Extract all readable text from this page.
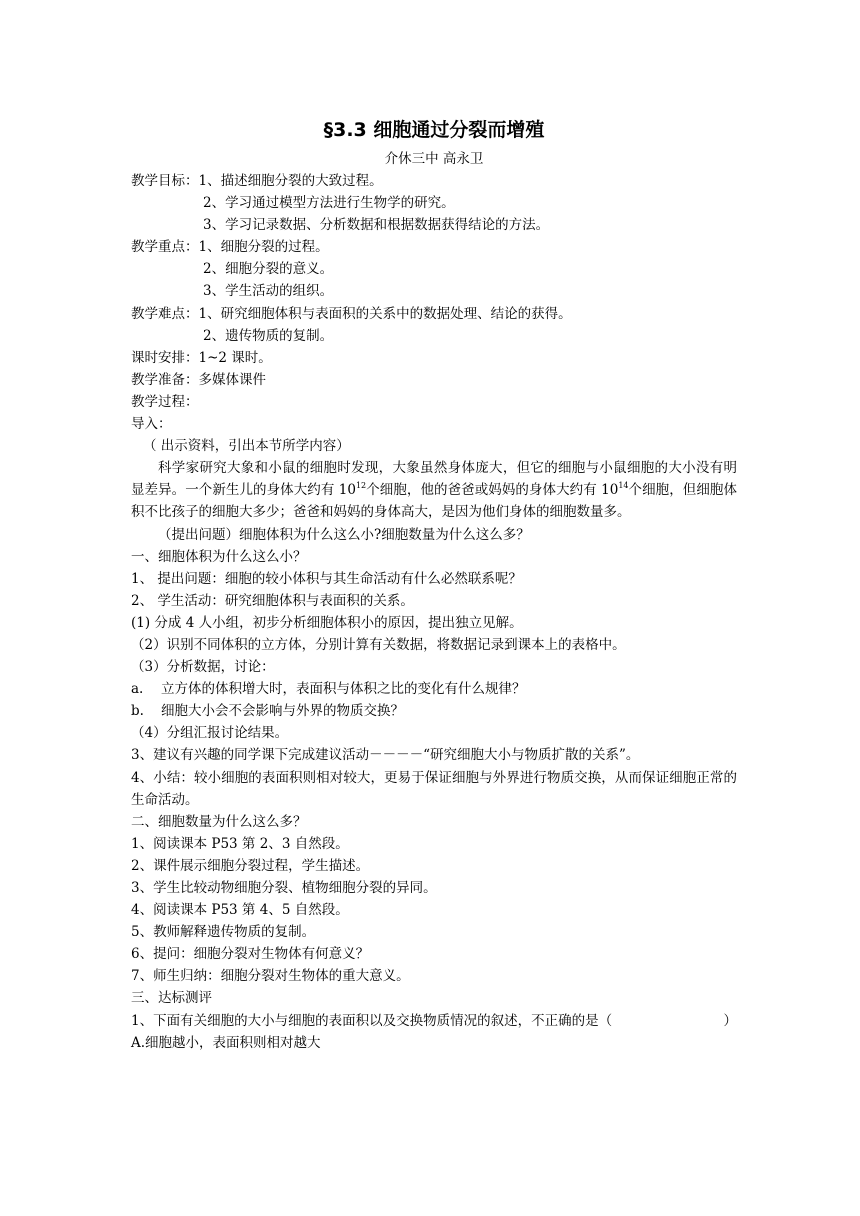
§3.3 细胞通过分裂而增殖
介休三中 高永卫
教学目标：1、描述细胞分裂的大致过程。
2、学习通过模型方法进行生物学的研究。
3、学习记录数据、分析数据和根据数据获得结论的方法。
教学重点：1、细胞分裂的过程。
2、细胞分裂的意义。
3、学生活动的组织。
教学难点：1、研究细胞体积与表面积的关系中的数据处理、结论的获得。
2、遗传物质的复制。
课时安排：1~2 课时。
教学准备：多媒体课件
教学过程：
导入：
（ 出示资料，引出本节所学内容）
科学家研究大象和小鼠的细胞时发现，大象虽然身体庞大，但它的细胞与小鼠细胞的大小没有明显差异。一个新生儿的身体大约有 $10^{12}$个细胞，他的爸爸或妈妈的身体大约有 $10^{14}$个细胞，但细胞体积不比孩子的细胞大多少；爸爸和妈妈的身体高大，是因为他们身体的细胞数量多。
（提出问题）细胞体积为什么这么小?细胞数量为什么这么多？
一、细胞体积为什么这么小？
1、 提出问题：细胞的较小体积与其生命活动有什么必然联系呢？
2、 学生活动：研究细胞体积与表面积的关系。
(1) 分成 4 人小组，初步分析细胞体积小的原因，提出独立见解。
（2）识别不同体积的立方体，分别计算有关数据，将数据记录到课本上的表格中。
（3）分析数据，讨论：
a. 立方体的体积增大时，表面积与体积之比的变化有什么规律？
b. 细胞大小会不会影响与外界的物质交换？
（4）分组汇报讨论结果。
3、建议有兴趣的同学课下完成建议活动－－－－“研究细胞大小与物质扩散的关系”。
4、小结：较小细胞的表面积则相对较大，更易于保证细胞与外界进行物质交换，从而保证细胞正常的生命活动。
二、细胞数量为什么这么多？
1、阅读课本 P53 第 2、3 自然段。
2、课件展示细胞分裂过程，学生描述。
3、学生比较动物细胞分裂、植物细胞分裂的异同。
4、阅读课本 P53 第 4、5 自然段。
5、教师解释遗传物质的复制。
6、提问：细胞分裂对生物体有何意义？
7、师生归纳：细胞分裂对生物体的重大意义。
三、达标测评
1、下面有关细胞的大小与细胞的表面积以及交换物质情况的叙述，不正确的是（	）
A.细胞越小，表面积则相对越大
